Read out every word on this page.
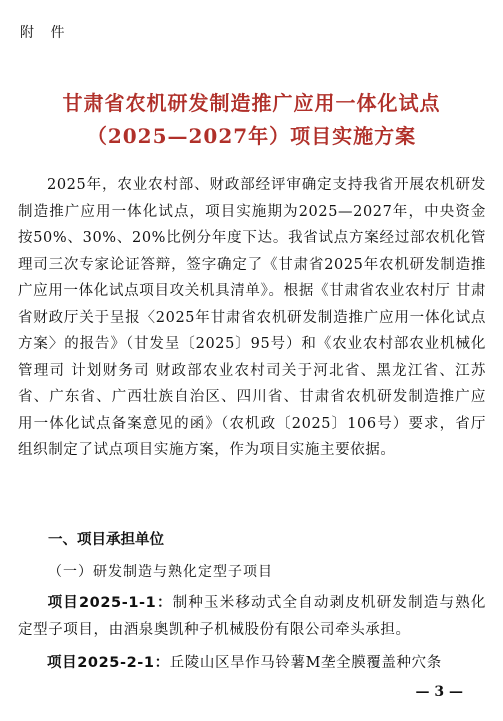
附 件
甘肃省农机研发制造推广应用一体化试点
（2025—2027年）项目实施方案
2025年，农业农村部、财政部经评审确定支持我省开展农机研发制造推广应用一体化试点，项目实施期为2025—2027年，中央资金按50%、30%、20%比例分年度下达。我省试点方案经过部农机化管理司三次专家论证答辩，签字确定了《甘肃省2025年农机研发制造推广应用一体化试点项目攻关机具清单》。根据《甘肃省农业农村厅 甘肃省财政厅关于呈报〈2025年甘肃省农机研发制造推广应用一体化试点方案〉的报告》（甘发呈〔2025〕95号）和《农业农村部农业机械化管理司 计划财务司 财政部农业农村司关于河北省、黑龙江省、江苏省、广东省、广西壮族自治区、四川省、甘肃省农机研发制造推广应用一体化试点备案意见的函》（农机政〔2025〕106号）要求，省厅组织制定了试点项目实施方案，作为项目实施主要依据。
一、项目承担单位
（一）研发制造与熟化定型子项目
项目2025-1-1：制种玉米移动式全自动剥皮机研发制造与熟化定型子项目，由酒泉奥凯种子机械股份有限公司牵头承担。
项目2025-2-1：丘陵山区旱作马铃薯M垄全膜覆盖种穴条
— 3 —
